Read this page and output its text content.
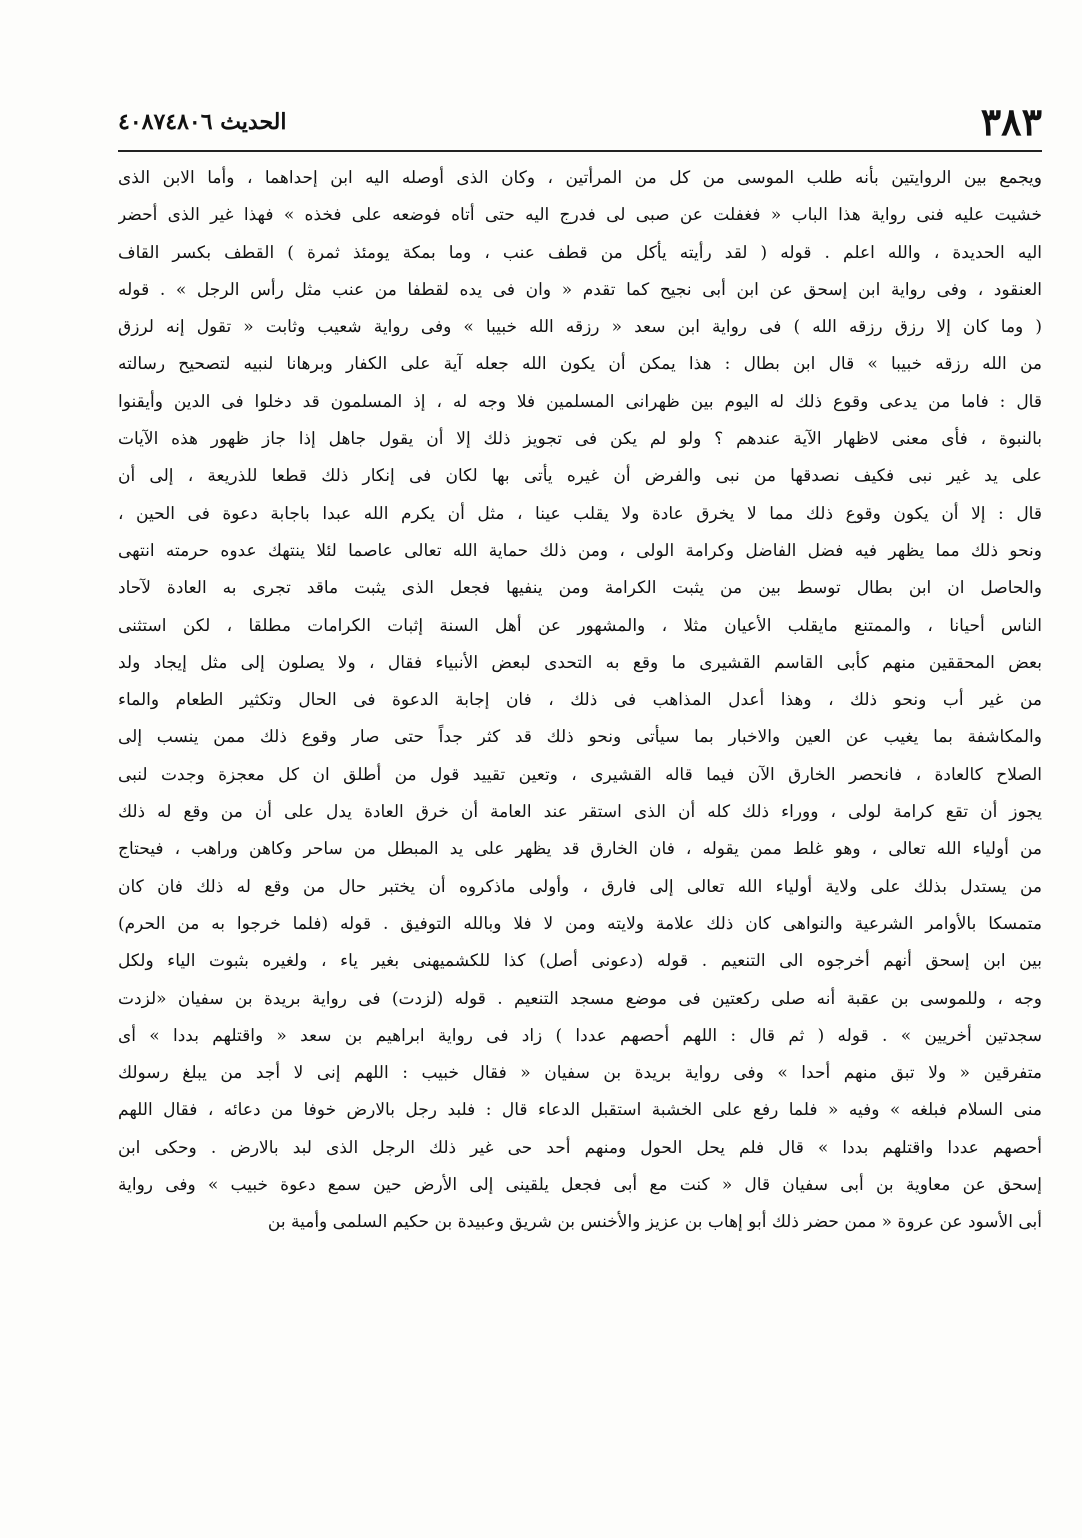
٣٨٣
الحديث ٤٠٨٧٤٨٠٦
ويجمع بين الروايتين بأنه طلب الموسى من كل من المرأتين ، وكان الذى أوصله اليه ابن إحداهما ، وأما الابن الذى
خشيت عليه فنى رواية هذا الباب « فغفلت عن صبى لى فدرج اليه حتى أتاه فوضعه على فخذه » فهذا غير الذى أحضر
اليه الحديدة ، والله اعلم . قوله ( لقد رأيته يأكل من قطف عنب ، وما بمكة يومئذ ثمرة ) القطف بكسر القاف
العنقود ، وفى رواية ابن إسحق عن ابن أبى نجيح كما تقدم « وان فى يده لقطفا من عنب مثل رأس الرجل » . قوله
( وما كان إلا رزق رزقه الله ) فى رواية ابن سعد « رزقه الله خبيبا » وفى رواية شعيب وثابت « تقول إنه لرزق
من الله رزقه خبيبا » قال ابن بطال : هذا يمكن أن يكون الله جعله آية على الكفار وبرهانا لنبيه لتصحيح رسالته
قال : فاما من يدعى وقوع ذلك له اليوم بين ظهرانى المسلمين فلا وجه له ، إذ المسلمون قد دخلوا فى الدين وأيقنوا
بالنبوة ، فأى معنى لاظهار الآية عندهم ؟ ولو لم يكن فى تجويز ذلك إلا أن يقول جاهل إذا جاز ظهور هذه الآيات
على يد غير نبى فكيف نصدقها من نبى والفرض أن غيره يأتى بها لكان فى إنكار ذلك قطعا للذريعة ، إلى أن
قال : إلا أن يكون وقوع ذلك مما لا يخرق عادة ولا يقلب عينا ، مثل أن يكرم الله عبدا باجابة دعوة فى الحين ،
ونحو ذلك مما يظهر فيه فضل الفاضل وكرامة الولى ، ومن ذلك حماية الله تعالى عاصما لئلا ينتهك عدوه حرمته انتهى
والحاصل ان ابن بطال توسط بين من يثبت الكرامة ومن ينفيها فجعل الذى يثبت ماقد تجرى به العادة لآحاد
الناس أحيانا ، والممتنع مايقلب الأعيان مثلا ، والمشهور عن أهل السنة إثبات الكرامات مطلقا ، لكن استثنى
بعض المحققين منهم كأبى القاسم القشيرى ما وقع به التحدى لبعض الأنبياء فقال ، ولا يصلون إلى مثل إيجاد ولد
من غير أب ونحو ذلك ، وهذا أعدل المذاهب فى ذلك ، فان إجابة الدعوة فى الحال وتكثير الطعام والماء
والمكاشفة بما يغيب عن العين والاخبار بما سيأتى ونحو ذلك قد كثر جداً حتى صار وقوع ذلك ممن ينسب إلى
الصلاح كالعادة ، فانحصر الخارق الآن فيما قاله القشيرى ، وتعين تقييد قول من أطلق ان كل معجزة وجدت لنبى
يجوز أن تقع كرامة لولى ، ووراء ذلك كله أن الذى استقر عند العامة أن خرق العادة يدل على أن من وقع له ذلك
من أولياء الله تعالى ، وهو غلط ممن يقوله ، فان الخارق قد يظهر على يد المبطل من ساحر وكاهن وراهب ، فيحتاج
من يستدل بذلك على ولاية أولياء الله تعالى إلى فارق ، وأولى ماذكروه أن يختبر حال من وقع له ذلك فان كان
متمسكا بالأوامر الشرعية والنواهى كان ذلك علامة ولايته ومن لا فلا وبالله التوفيق . قوله (فلما خرجوا به من الحرم)
بين ابن إسحق أنهم أخرجوه الى التنعيم . قوله (دعونى أصل) كذا للكشميهنى بغير ياء ، ولغيره بثبوت الياء ولكل
وجه ، وللموسى بن عقبة أنه صلى ركعتين فى موضع مسجد التنعيم . قوله (لزدت) فى رواية بريدة بن سفيان «لزدت
سجدتين أخريين » . قوله ( ثم قال : اللهم أحصهم عددا ) زاد فى رواية ابراهيم بن سعد « واقتلهم بددا » أى
متفرقين « ولا تبق منهم أحدا » وفى رواية بريدة بن سفيان « فقال خبيب : اللهم إنى لا أجد من يبلغ رسولك
منى السلام فبلغه » وفيه « فلما رفع على الخشبة استقبل الدعاء قال : فلبد رجل بالارض خوفا من دعائه ، فقال اللهم
أحصهم عددا واقتلهم بددا » قال فلم يحل الحول ومنهم أحد حى غير ذلك الرجل الذى لبد بالارض . وحكى ابن
إسحق عن معاوية بن أبى سفيان قال « كنت مع أبى فجعل يلقينى إلى الأرض حين سمع دعوة خبيب » وفى رواية
أبى الأسود عن عروة « ممن حضر ذلك أبو إهاب بن عزيز والأخنس بن شريق وعبيدة بن حكيم السلمى وأمية بن
